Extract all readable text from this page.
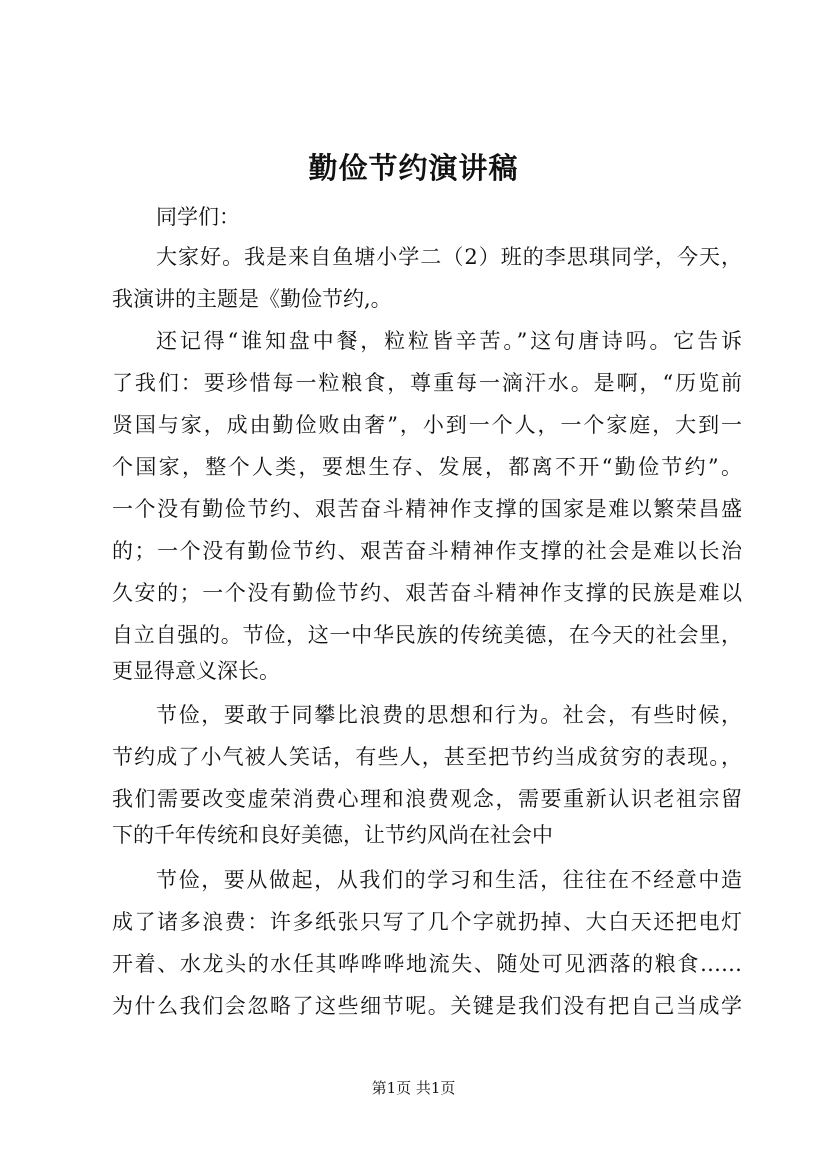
勤俭节约演讲稿
同学们：
大家好。我是来自鱼塘小学二（2）班的李思琪同学，今天，
我演讲的主题是《勤俭节约,。
还记得“谁知盘中餐，粒粒皆辛苦。”这句唐诗吗。它告诉
了我们：要珍惜每一粒粮食，尊重每一滴汗水。是啊，“历览前
贤国与家，成由勤俭败由奢”，小到一个人，一个家庭，大到一
个国家，整个人类，要想生存、发展，都离不开“勤俭节约”。
一个没有勤俭节约、艰苦奋斗精神作支撑的国家是难以繁荣昌盛
的；一个没有勤俭节约、艰苦奋斗精神作支撑的社会是难以长治
久安的；一个没有勤俭节约、艰苦奋斗精神作支撑的民族是难以
自立自强的。节俭，这一中华民族的传统美德，在今天的社会里，
更显得意义深长。
节俭，要敢于同攀比浪费的思想和行为。社会，有些时候，
节约成了小气被人笑话，有些人，甚至把节约当成贫穷的表现。，
我们需要改变虚荣消费心理和浪费观念，需要重新认识老祖宗留
下的千年传统和良好美德，让节约风尚在社会中
节俭，要从做起，从我们的学习和生活，往往在不经意中造
成了诸多浪费：许多纸张只写了几个字就扔掉、大白天还把电灯
开着、水龙头的水任其哗哗哗地流失、随处可见洒落的粮食……
为什么我们会忽略了这些细节呢。关键是我们没有把自己当成学
第1页 共1页
